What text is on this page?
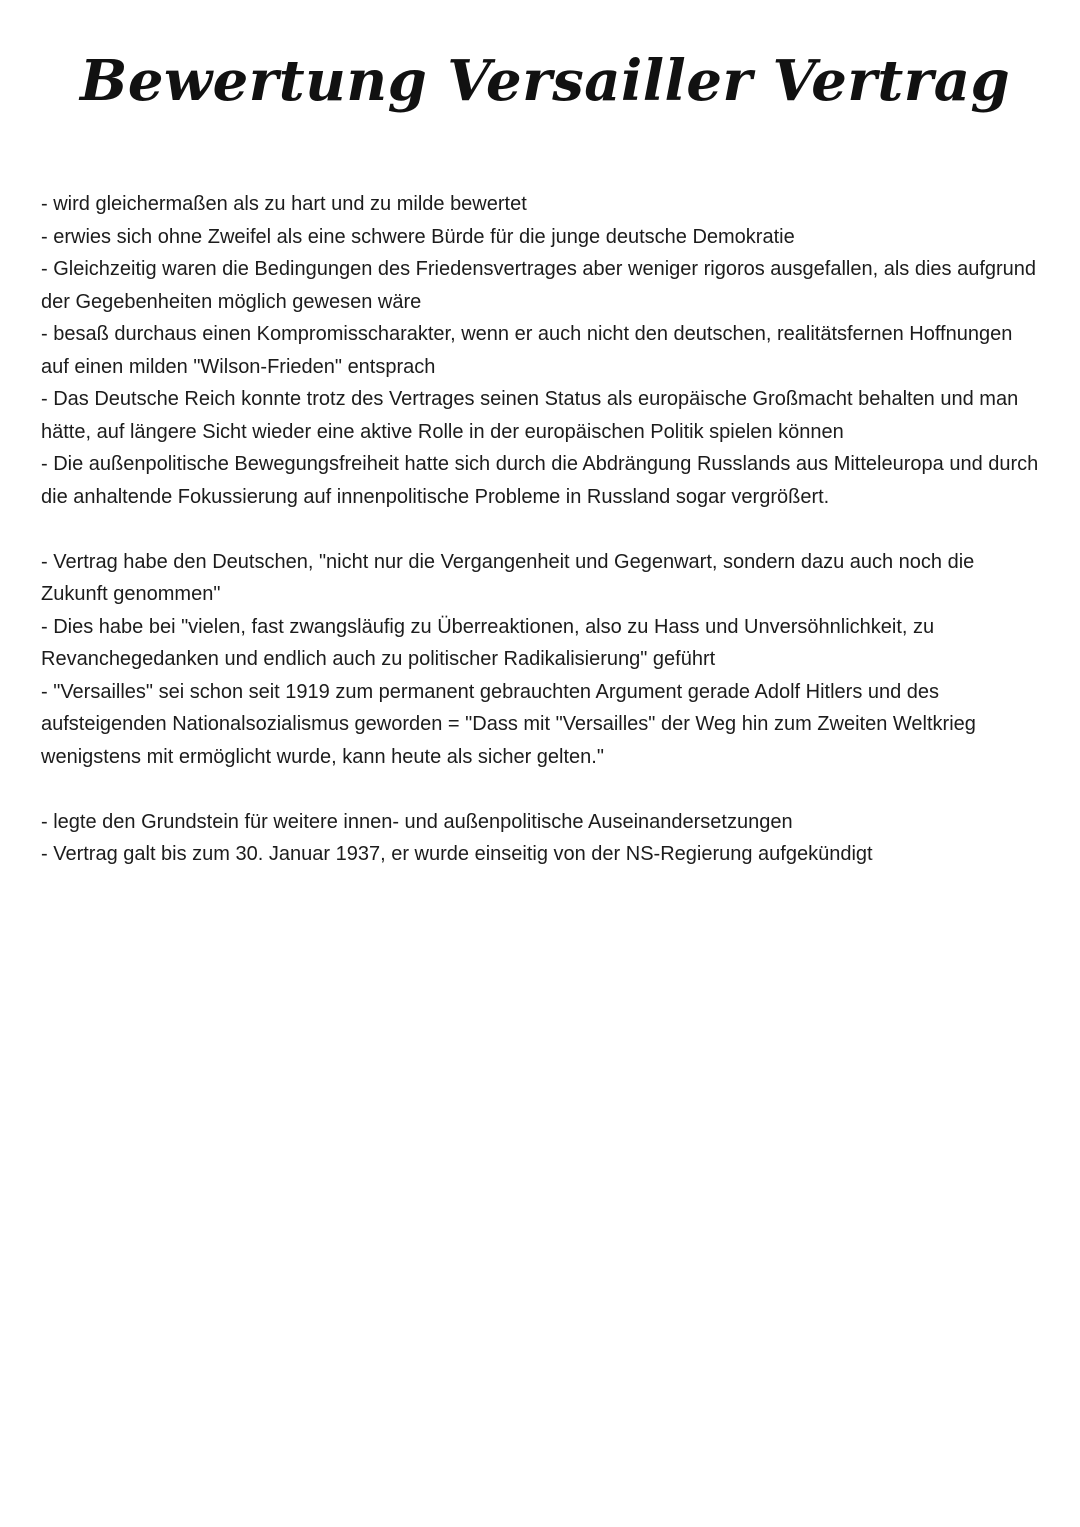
Bewertung Versailler Vertrag
- wird gleichermaßen als zu hart und zu milde bewertet
- erwies sich ohne Zweifel als eine schwere Bürde für die junge deutsche Demokratie
- Gleichzeitig waren die Bedingungen des Friedensvertrages aber weniger rigoros ausgefallen, als dies aufgrund der Gegebenheiten möglich gewesen wäre
- besaß durchaus einen Kompromisscharakter, wenn er auch nicht den deutschen, realitätsfernen Hoffnungen auf einen milden "Wilson-Frieden" entsprach
- Das Deutsche Reich konnte trotz des Vertrages seinen Status als europäische Großmacht behalten und man hätte, auf längere Sicht wieder eine aktive Rolle in der europäischen Politik spielen können
- Die außenpolitische Bewegungsfreiheit hatte sich durch die Abdrängung Russlands aus Mitteleuropa und durch die anhaltende Fokussierung auf innenpolitische Probleme in Russland sogar vergrößert.
- Vertrag habe den Deutschen, "nicht nur die Vergangenheit und Gegenwart, sondern dazu auch noch die Zukunft genommen"
- Dies habe bei "vielen, fast zwangsläufig zu Überreaktionen, also zu Hass und Unversöhnlichkeit, zu Revanchegedanken und endlich auch zu politischer Radikalisierung" geführt
- "Versailles" sei schon seit 1919 zum permanent gebrauchten Argument gerade Adolf Hitlers und des aufsteigenden Nationalsozialismus geworden = "Dass mit "Versailles" der Weg hin zum Zweiten Weltkrieg wenigstens mit ermöglicht wurde, kann heute als sicher gelten."
- legte den Grundstein für weitere innen- und außenpolitische Auseinandersetzungen
- Vertrag galt bis zum 30. Januar 1937, er wurde einseitig von der NS-Regierung aufgekündigt
